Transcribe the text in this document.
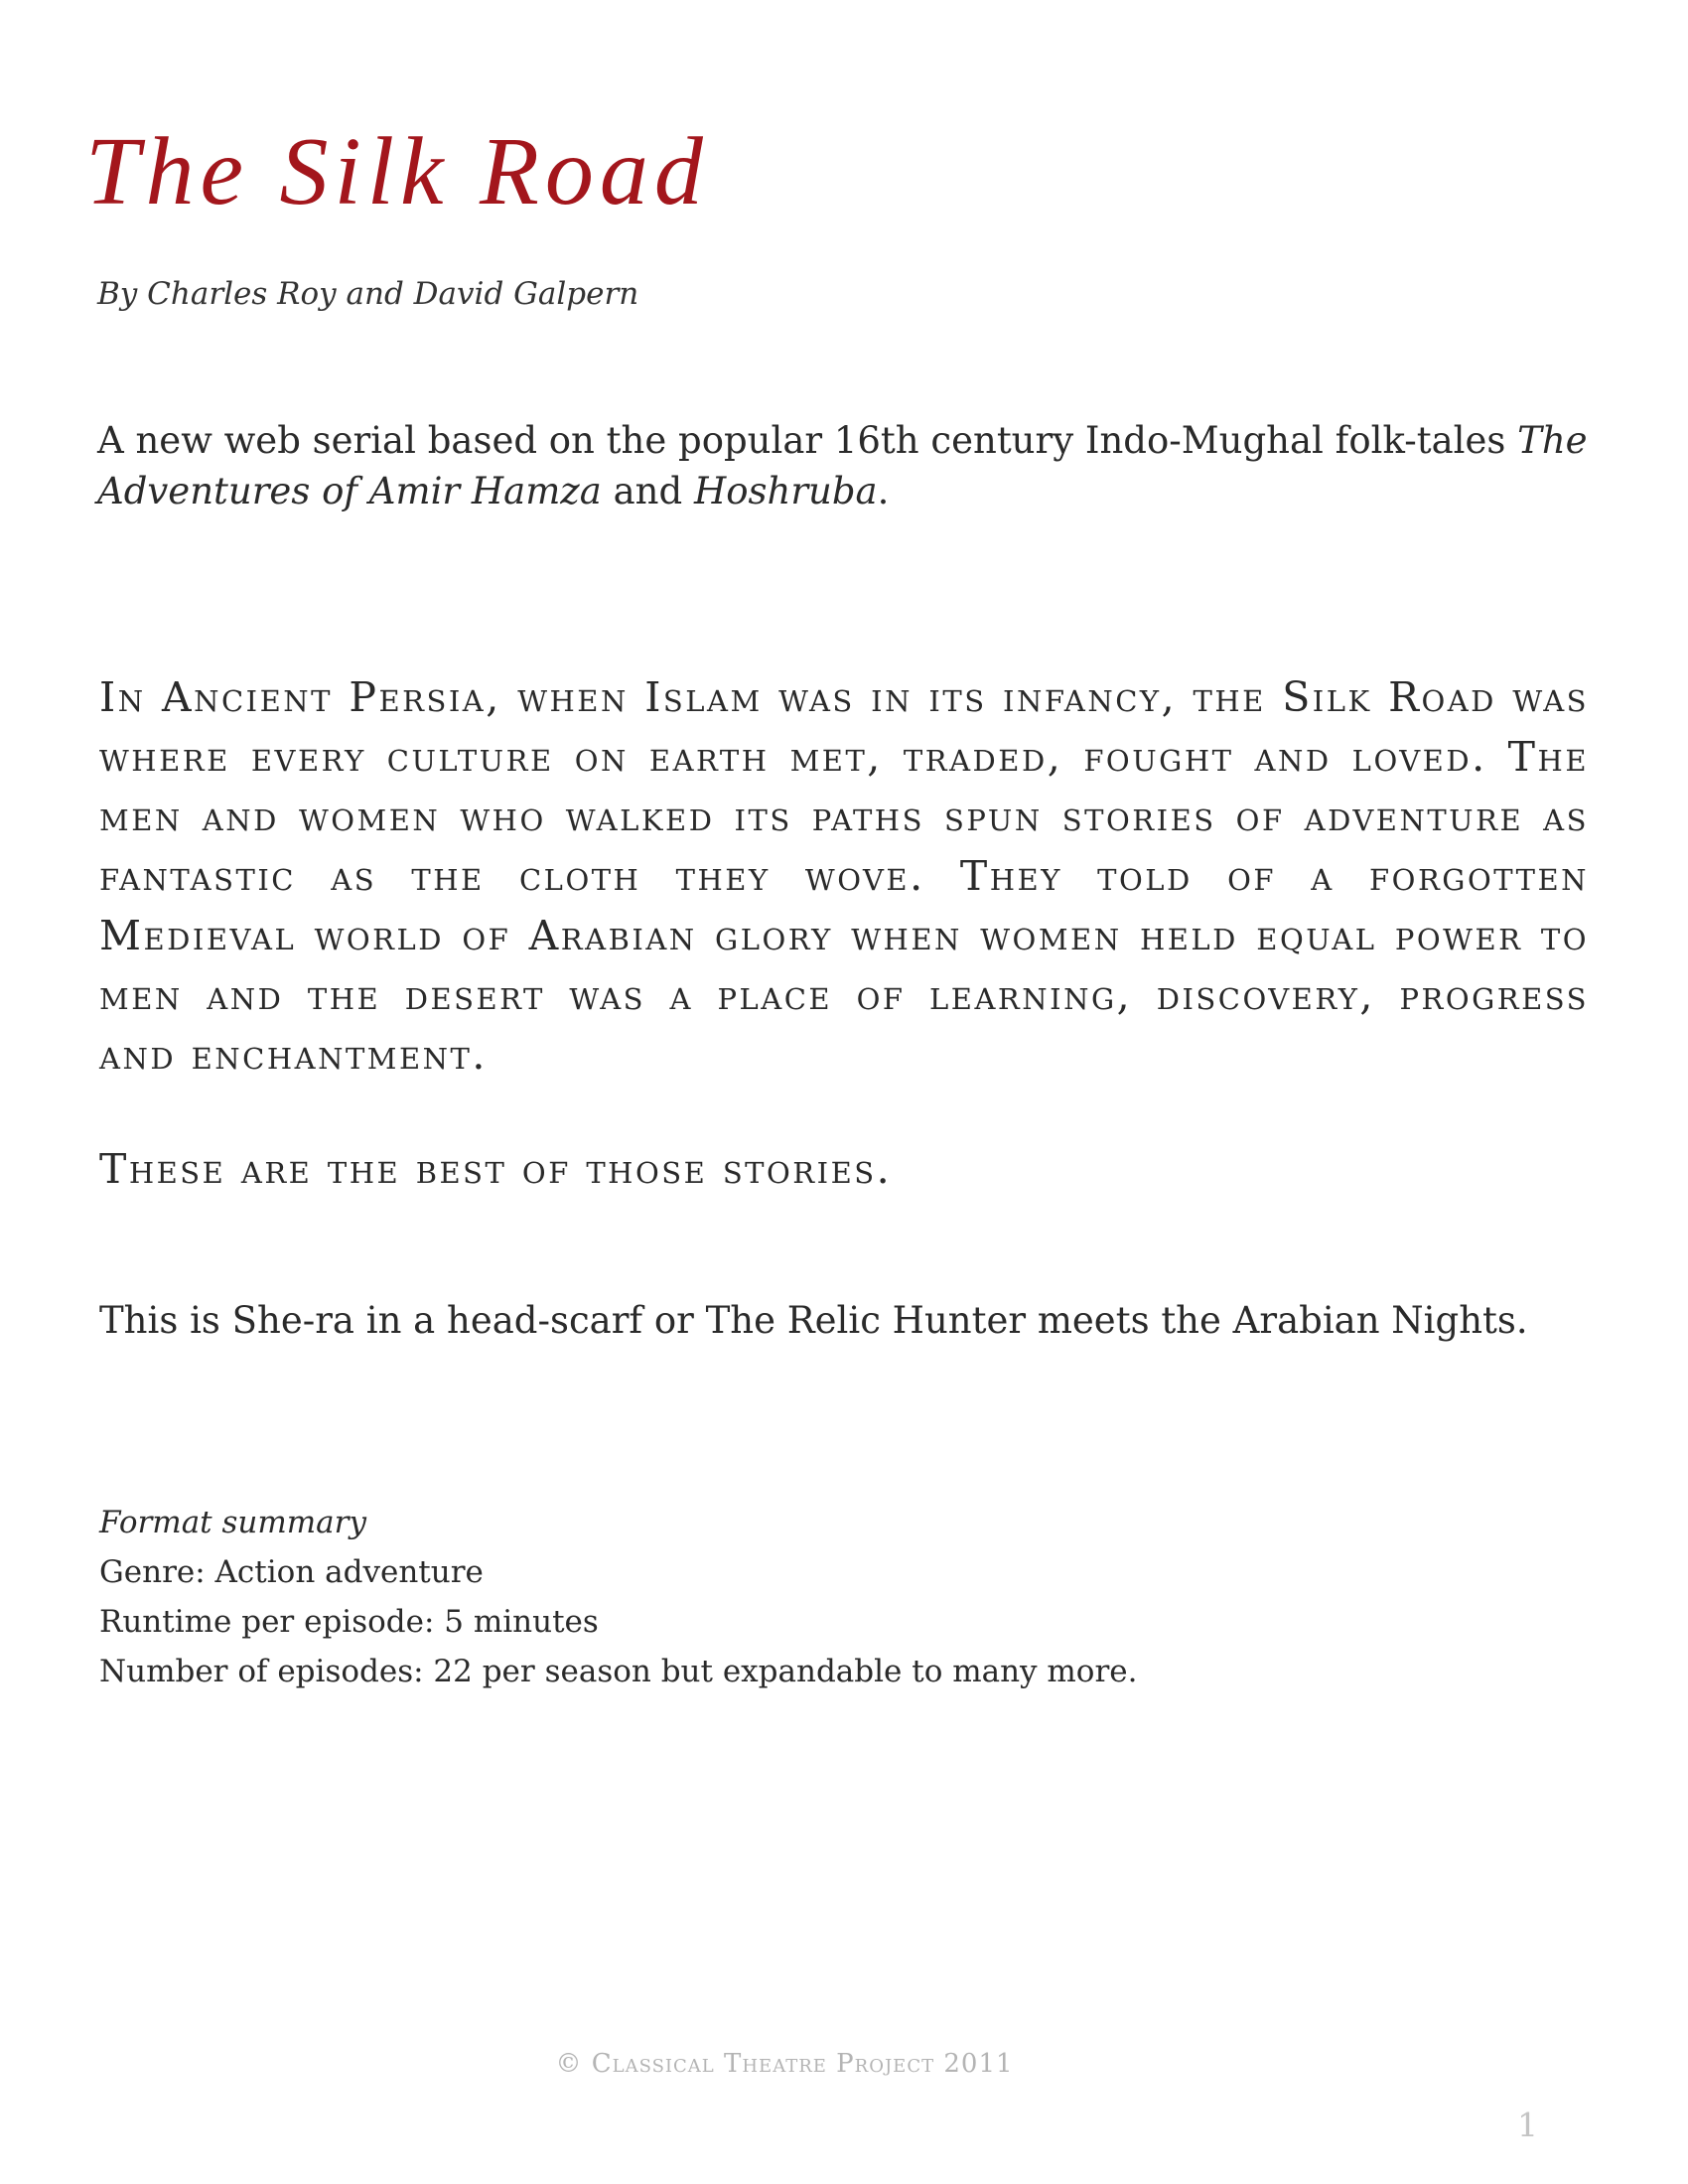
The Silk Road
By Charles Roy and David Galpern
A new web serial based on the popular 16th century Indo-Mughal folk-tales The Adventures of Amir Hamza and Hoshruba.
In Ancient Persia, when Islam was in its infancy, the Silk Road was where every culture on earth met, traded, fought and loved. The men and women who walked its paths spun stories of adventure as fantastic as the cloth they wove. They told of a forgotten Medieval world of Arabian glory when women held equal power to men and the desert was a place of learning, discovery, progress and enchantment.
These are the best of those stories.
This is She-ra in a head-scarf or The Relic Hunter meets the Arabian Nights.
Format summary
Genre: Action adventure
Runtime per episode: 5 minutes
Number of episodes: 22 per season but expandable to many more.
© Classical Theatre Project 2011
1
